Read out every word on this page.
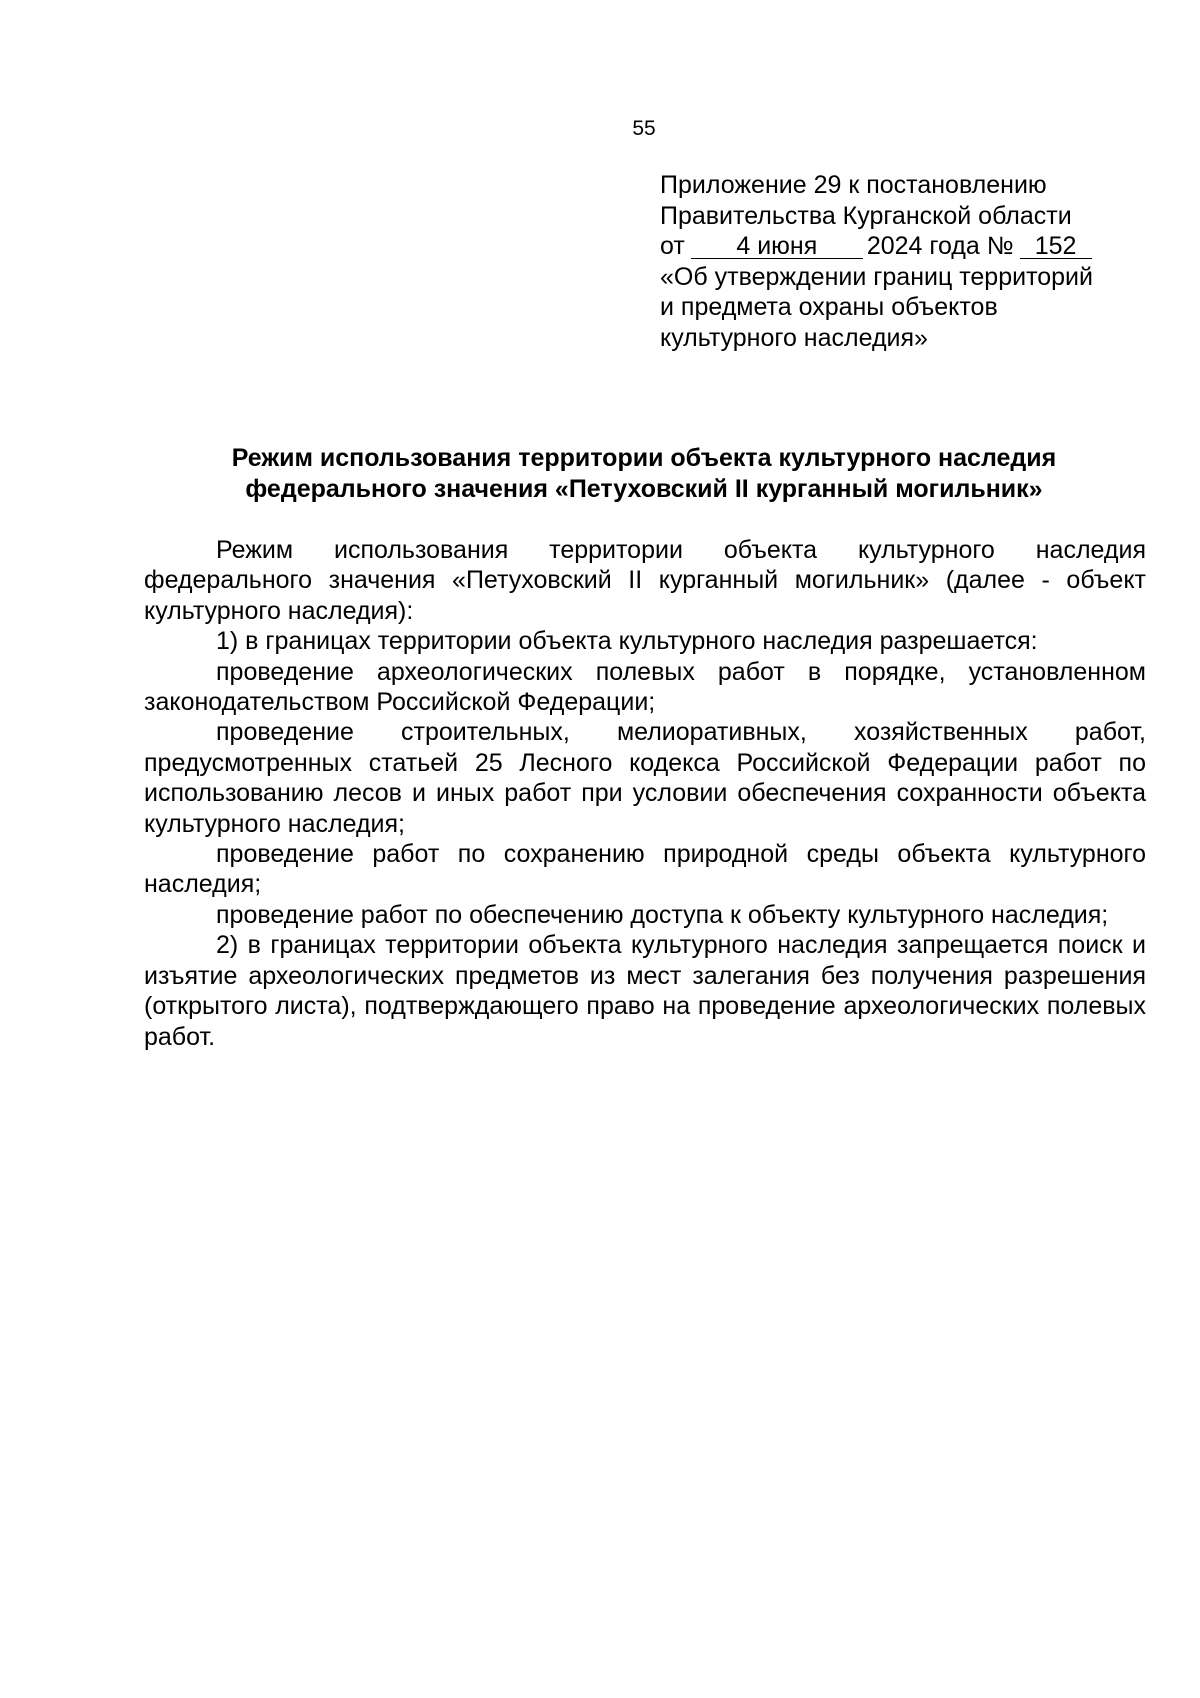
55
Приложение 29 к постановлению
Правительства Курганской области
от 4 июня 2024 года № 152
«Об утверждении границ территорий
и предмета охраны объектов
культурного наследия»
Режим использования территории объекта культурного наследия
федерального значения «Петуховский II курганный могильник»

Режим использования территории объекта культурного наследия федерального значения «Петуховский II курганный могильник» (далее - объект культурного наследия):

1) в границах территории объекта культурного наследия разрешается:

проведение археологических полевых работ в порядке, установленном законодательством Российской Федерации;

проведение строительных, мелиоративных, хозяйственных работ, предусмотренных статьей 25 Лесного кодекса Российской Федерации работ по использованию лесов и иных работ при условии обеспечения сохранности объекта культурного наследия;

проведение работ по сохранению природной среды объекта культурного наследия;

проведение работ по обеспечению доступа к объекту культурного наследия;

2) в границах территории объекта культурного наследия запрещается поиск и изъятие археологических предметов из мест залегания без получения разрешения (открытого листа), подтверждающего право на проведение археологических полевых работ.
